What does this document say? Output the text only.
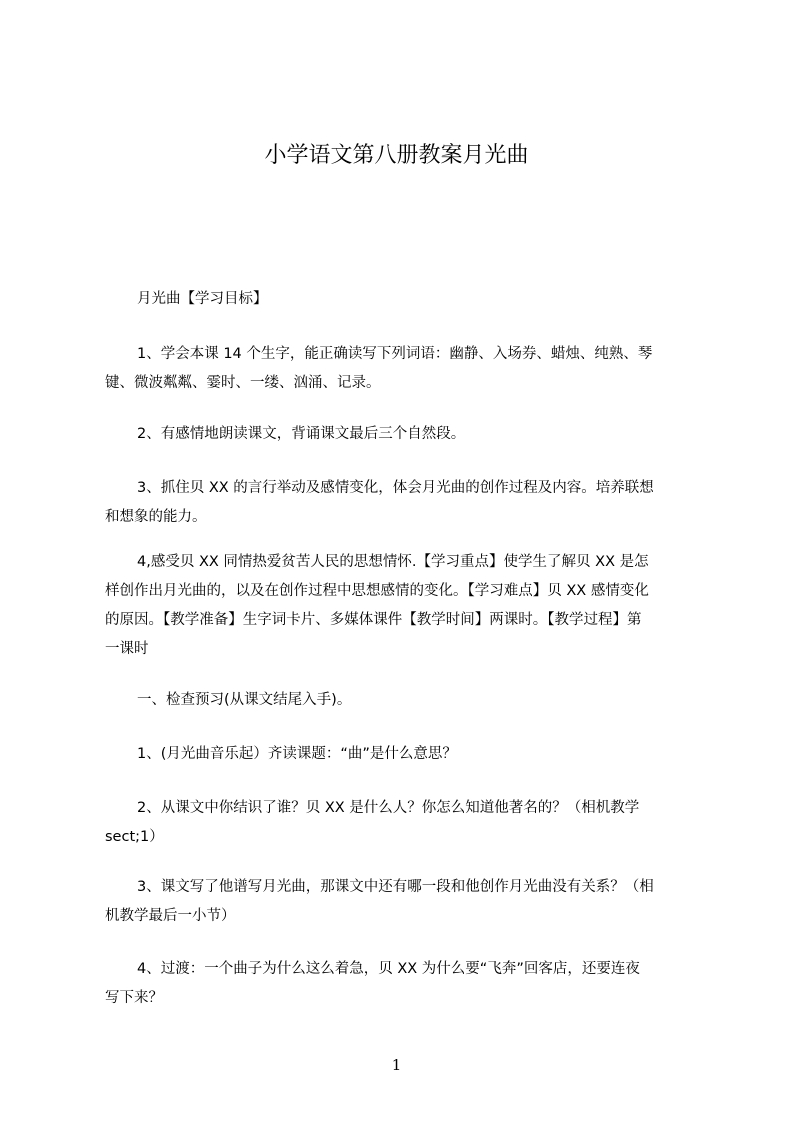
小学语文第八册教案月光曲
月光曲【学习目标】
1、学会本课 14 个生字，能正确读写下列词语：幽静、入场券、蜡烛、纯熟、琴
键、微波粼粼、霎时、一缕、汹涌、记录。
2、有感情地朗读课文，背诵课文最后三个自然段。
3、抓住贝 XX 的言行举动及感情变化，体会月光曲的创作过程及内容。培养联想
和想象的能力。
4,感受贝 XX 同情热爱贫苦人民的思想情怀.【学习重点】使学生了解贝 XX 是怎
样创作出月光曲的，以及在创作过程中思想感情的变化。【学习难点】贝 XX 感情变化
的原因。【教学准备】生字词卡片、多媒体课件【教学时间】两课时。【教学过程】第
一课时
一、检查预习(从课文结尾入手)。
1、(月光曲音乐起）齐读课题：“曲”是什么意思？
2、从课文中你结识了谁？贝 XX 是什么人？你怎么知道他著名的？（相机教学
sect;1）
3、课文写了他谱写月光曲，那课文中还有哪一段和他创作月光曲没有关系？（相
机教学最后一小节）
4、过渡：一个曲子为什么这么着急，贝 XX 为什么要“飞奔”回客店，还要连夜
写下来？
1
